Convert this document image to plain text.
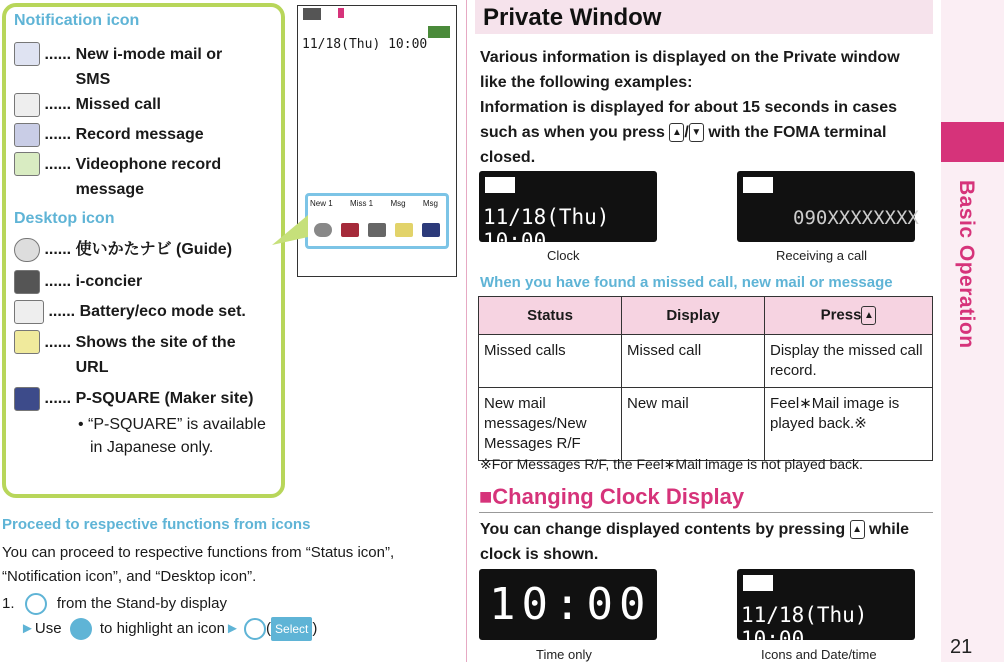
Basic Operation
21
Notification icon
...... New i-mode mail or SMS
...... Missed call
...... Record message
...... Videophone record message
Desktop icon
...... 使いかたナビ (Guide)
...... i-concier
...... Battery/eco mode set.
...... Shows the site of the URL
...... P-SQUARE (Maker site)
• “P-SQUARE” is available in Japanese only.
11/18(Thu) 10:00
New 1 Miss 1 Msg Msg
Proceed to respective functions from icons
You can proceed to respective functions from “Status icon”, “Notification icon”, and “Desktop icon”.
1.	from the Stand-by display
►Use	to highlight an icon► ( Select )
Private Window
Various information is displayed on the Private window like the following examples:
Information is displayed for about 15 seconds in cases such as when you press ▲ / ▼ with the FOMA terminal closed.
11/18(Thu) 10:00
090XXXXXXXX
Clock	Receiving a call
When you have found a missed call, new mail or message
Status	Display	Press ▲
Missed calls	Missed call	Display the missed call record.
New mail messages/New Messages R/F	New mail	Feel∗Mail image is played back.※
※For Messages R/F, the Feel∗Mail image is not played back.
■Changing Clock Display
You can change displayed contents by pressing ▲ while clock is shown.
10:00	11/18(Thu) 10:00
Time only	Icons and Date/time
